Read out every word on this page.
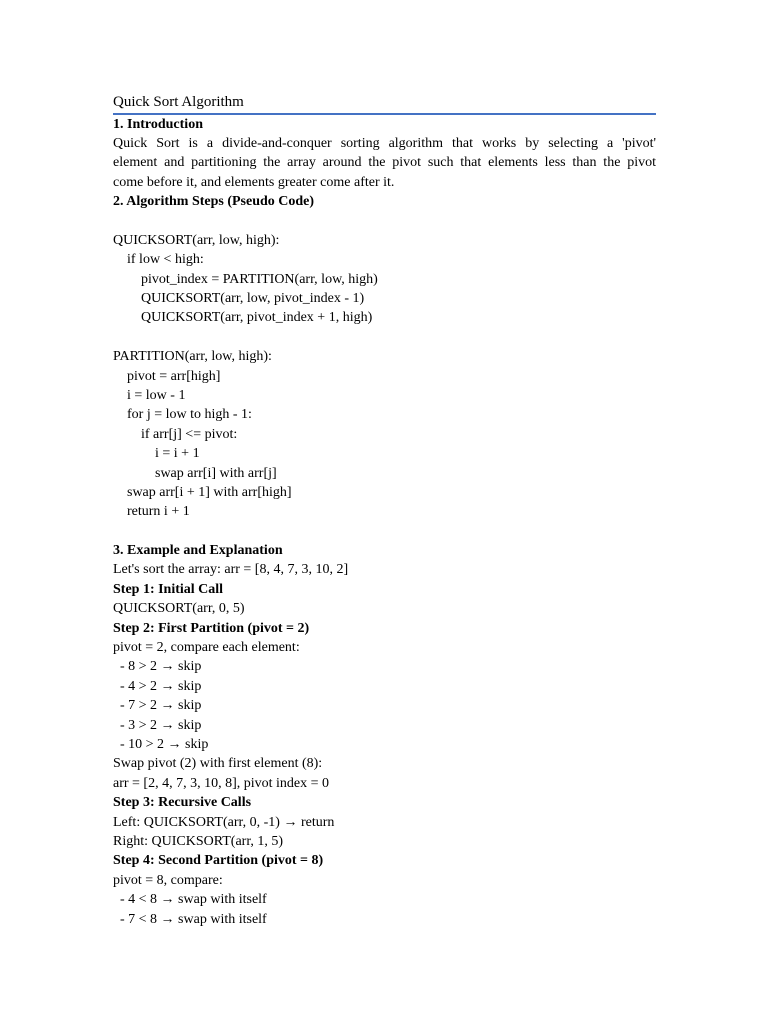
Quick Sort Algorithm
1. Introduction
Quick Sort is a divide-and-conquer sorting algorithm that works by selecting a 'pivot'
element and partitioning the array around the pivot such that elements less than the pivot
come before it, and elements greater come after it.
2. Algorithm Steps (Pseudo Code)
QUICKSORT(arr, low, high):
if low < high:
pivot_index = PARTITION(arr, low, high)
QUICKSORT(arr, low, pivot_index - 1)
QUICKSORT(arr, pivot_index + 1, high)
PARTITION(arr, low, high):
pivot = arr[high]
i = low - 1
for j = low to high - 1:
if arr[j] <= pivot:
i = i + 1
swap arr[i] with arr[j]
swap arr[i + 1] with arr[high]
return i + 1
3. Example and Explanation
Let's sort the array: arr = [8, 4, 7, 3, 10, 2]
Step 1: Initial Call
QUICKSORT(arr, 0, 5)
Step 2: First Partition (pivot = 2)
pivot = 2, compare each element:
- 8 > 2 → skip
- 4 > 2 → skip
- 7 > 2 → skip
- 3 > 2 → skip
- 10 > 2 → skip
Swap pivot (2) with first element (8):
arr = [2, 4, 7, 3, 10, 8], pivot index = 0
Step 3: Recursive Calls
Left: QUICKSORT(arr, 0, -1) → return
Right: QUICKSORT(arr, 1, 5)
Step 4: Second Partition (pivot = 8)
pivot = 8, compare:
- 4 < 8 → swap with itself
- 7 < 8 → swap with itself
